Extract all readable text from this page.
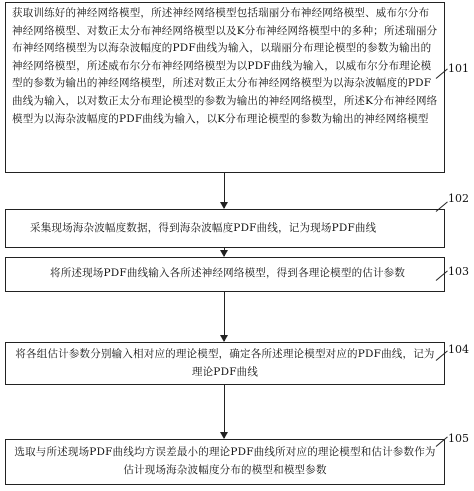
获取训练好的神经网络模型，所述神经网络模型包括瑞丽分布神经网络模型、威布尔分布神经网络模型、对数正太分布神经网络模型以及K分布神经网络模型中的多种；所述瑞丽分布神经网络模型为以海杂波幅度的PDF曲线为输入，以瑞丽分布理论模型的参数为输出的神经网络模型，所述威布尔分布神经网络模型为以PDF曲线为输入，以威布尔分布理论模型的参数为输出的神经网络模型，所述对数正太分布神经网络模型为以海杂波幅度的PDF曲线为输入，以对数正太分布理论模型的参数为输出的神经网络模型，所述K分布神经网络模型为以海杂波幅度的PDF曲线为输入，以K分布理论模型的参数为输出的神经网络模型
采集现场海杂波幅度数据，得到海杂波幅度PDF曲线，记为现场PDF曲线
将所述现场PDF曲线输入各所述神经网络模型，得到各理论模型的估计参数
将各组估计参数分别输入相对应的理论模型，确定各所述理论模型对应的PDF曲线，记为理论PDF曲线
选取与所述现场PDF曲线均方误差最小的理论PDF曲线所对应的理论模型和估计参数作为估计现场海杂波幅度分布的模型和模型参数
101
102
103
104
105
